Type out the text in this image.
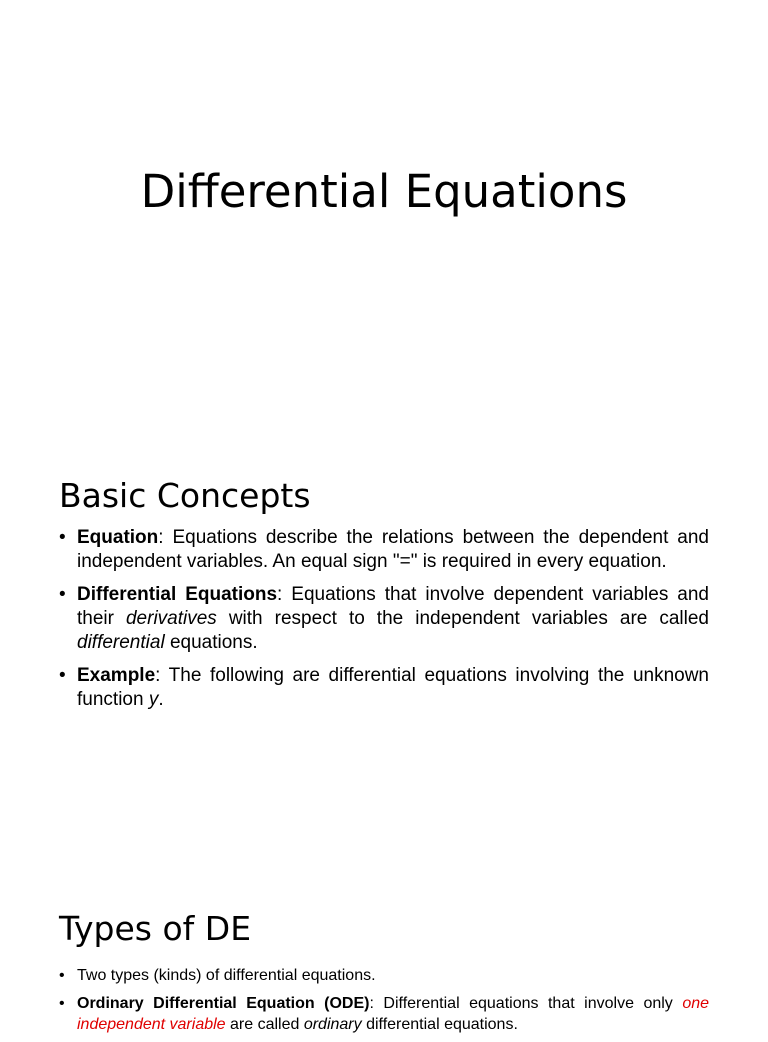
Differential Equations
Basic Concepts
• Equation: Equations describe the relations between the dependent and independent variables. An equal sign "=" is required in every equation.
• Differential Equations: Equations that involve dependent variables and their derivatives with respect to the independent variables are called differential equations.
• Example: The following are differential equations involving the unknown function y.
Types of DE
• Two types (kinds) of differential equations.
• Ordinary Differential Equation (ODE): Differential equations that involve only one independent variable are called ordinary differential equations.
